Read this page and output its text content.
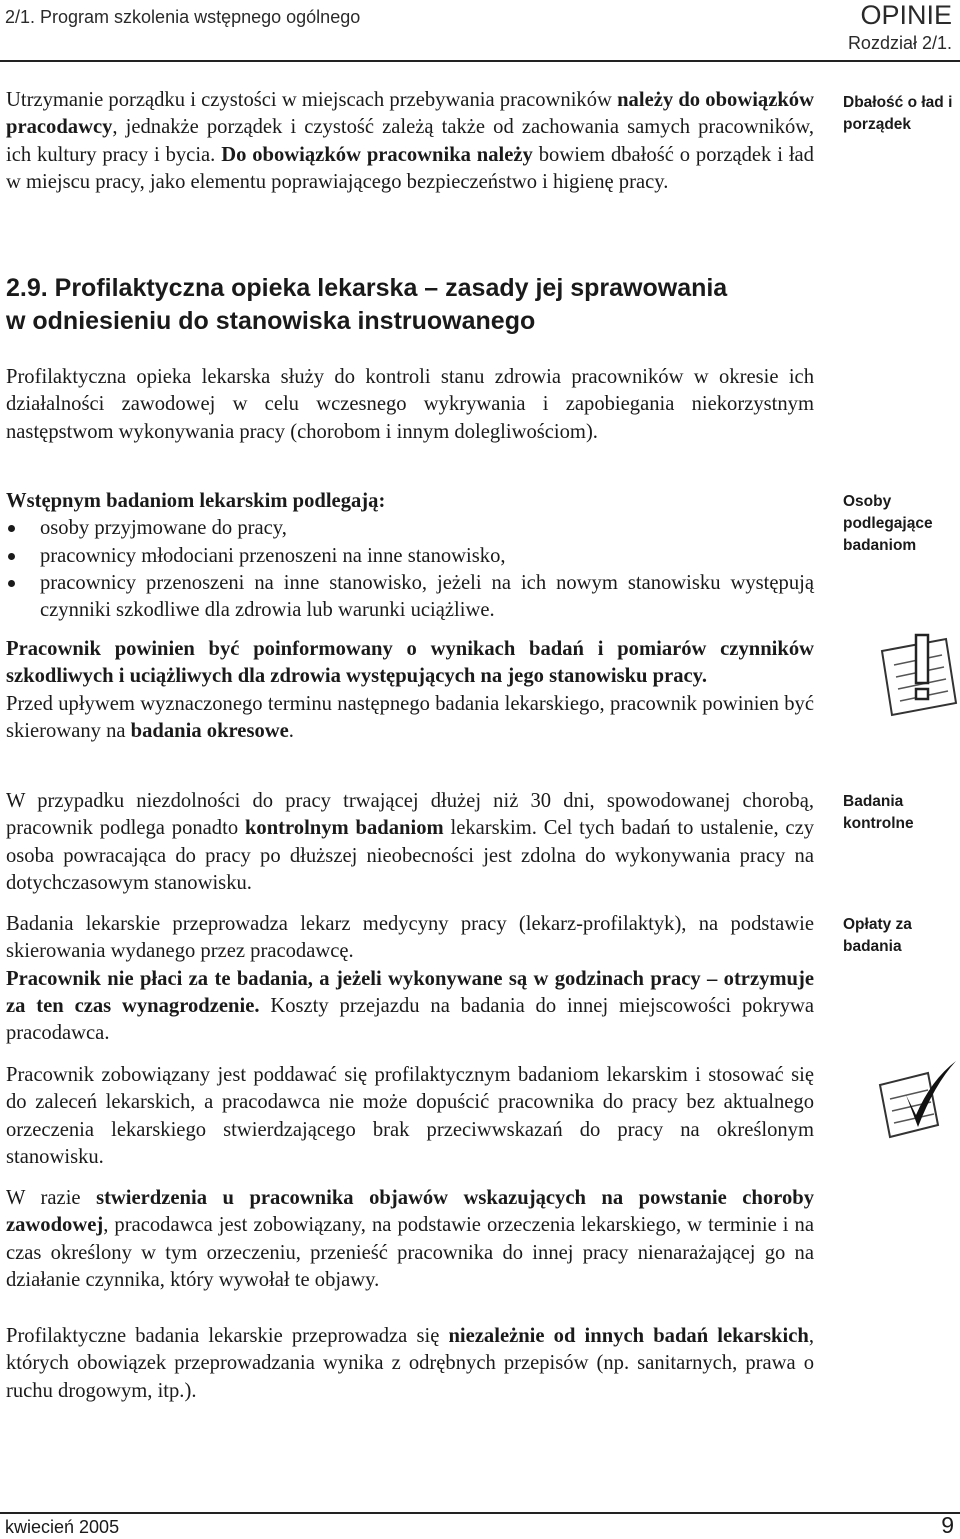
2/1. Program szkolenia wstępnego ogólnego	OPINIE
Rozdział 2/1.

Utrzymanie porządku i czystości w miejscach przebywania pracowników należy do obowiązków pracodawcy, jednakże porządek i czystość zależą także od zachowania samych pracowników, ich kultury pracy i bycia. Do obowiązków pracownika należy bowiem dbałość o porządek i ład w miejscu pracy, jako elementu poprawiającego bezpieczeństwo i higienę pracy.

2.9. Profilaktyczna opieka lekarska – zasady jej sprawowania
w odniesieniu do stanowiska instruowanego

Profilaktyczna opieka lekarska służy do kontroli stanu zdrowia pracowników w okresie ich działalności zawodowej w celu wczesnego wykrywania i zapobiegania niekorzystnym następstwom wykonywania pracy (chorobom i innym dolegliwościom).

Wstępnym badaniom lekarskim podlegają:

osoby przyjmowane do pracy,
pracownicy młodociani przenoszeni na inne stanowisko,
pracownicy przenoszeni na inne stanowisko, jeżeli na ich nowym stanowisku występują czynniki szkodliwe dla zdrowia lub warunki uciążliwe.

Pracownik powinien być poinformowany o wynikach badań i pomiarów czynników szkodliwych i uciążliwych dla zdrowia występujących na jego stanowisku pracy.

Przed upływem wyznaczonego terminu następnego badania lekarskiego, pracownik powinien być skierowany na badania okresowe.

W przypadku niezdolności do pracy trwającej dłużej niż 30 dni, spowodowanej chorobą, pracownik podlega ponadto kontrolnym badaniom lekarskim. Cel tych badań to ustalenie, czy osoba powracająca do pracy po dłuższej nieobecności jest zdolna do wykonywania pracy na dotychczasowym stanowisku.

Badania lekarskie przeprowadza lekarz medycyny pracy (lekarz-profilaktyk), na podstawie skierowania wydanego przez pracodawcę.
Pracownik nie płaci za te badania, a jeżeli wykonywane są w godzinach pracy – otrzymuje za ten czas wynagrodzenie. Koszty przejazdu na badania do innej miejscowości pokrywa pracodawca.

Pracownik zobowiązany jest poddawać się profilaktycznym badaniom lekarskim i stosować się do zaleceń lekarskich, a pracodawca nie może dopuścić pracownika do pracy bez aktualnego orzeczenia lekarskiego stwierdzającego brak przeciwwskazań do pracy na określonym stanowisku.

W razie stwierdzenia u pracownika objawów wskazujących na powstanie choroby zawodowej, pracodawca jest zobowiązany, na podstawie orzeczenia lekarskiego, w terminie i na czas określony w tym orzeczeniu, przenieść pracownika do innej pracy nienarażającej go na działanie czynnika, który wywołał te objawy.

Profilaktyczne badania lekarskie przeprowadza się niezależnie od innych badań lekarskich, których obowiązek przeprowadzania wynika z odrębnych przepisów (np. sanitarnych, prawa o ruchu drogowym, itp.).

Dbałość o ład i porządek
Osoby podlegające badaniom
Badania kontrolne
Opłaty za badania
kwiecień 2005	9
